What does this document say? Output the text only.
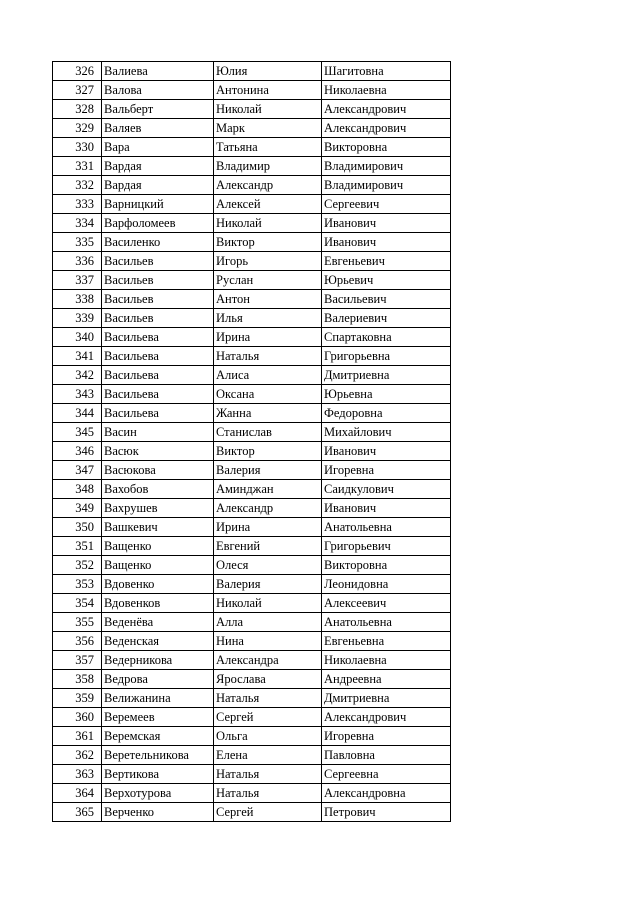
326	Валиева	Юлия	Шагитовна
327	Валова	Антонина	Николаевна
328	Вальберт	Николай	Александрович
329	Валяев	Марк	Александрович
330	Вара	Татьяна	Викторовна
331	Вардая	Владимир	Владимирович
332	Вардая	Александр	Владимирович
333	Варницкий	Алексей	Сергеевич
334	Варфоломеев	Николай	Иванович
335	Василенко	Виктор	Иванович
336	Васильев	Игорь	Евгеньевич
337	Васильев	Руслан	Юрьевич
338	Васильев	Антон	Васильевич
339	Васильев	Илья	Валериевич
340	Васильева	Ирина	Спартаковна
341	Васильева	Наталья	Григорьевна
342	Васильева	Алиса	Дмитриевна
343	Васильева	Оксана	Юрьевна
344	Васильева	Жанна	Федоровна
345	Васин	Станислав	Михайлович
346	Васюк	Виктор	Иванович
347	Васюкова	Валерия	Игоревна
348	Вахобов	Аминджан	Саидкулович
349	Вахрушев	Александр	Иванович
350	Вашкевич	Ирина	Анатольевна
351	Ващенко	Евгений	Григорьевич
352	Ващенко	Олеся	Викторовна
353	Вдовенко	Валерия	Леонидовна
354	Вдовенков	Николай	Алексеевич
355	Веденёва	Алла	Анатольевна
356	Веденская	Нина	Евгеньевна
357	Ведерникова	Александра	Николаевна
358	Ведрова	Ярослава	Андреевна
359	Велижанина	Наталья	Дмитриевна
360	Веремеев	Сергей	Александрович
361	Веремская	Ольга	Игоревна
362	Веретельникова	Елена	Павловна
363	Вертикова	Наталья	Сергеевна
364	Верхотурова	Наталья	Александровна
365	Верченко	Сергей	Петрович
